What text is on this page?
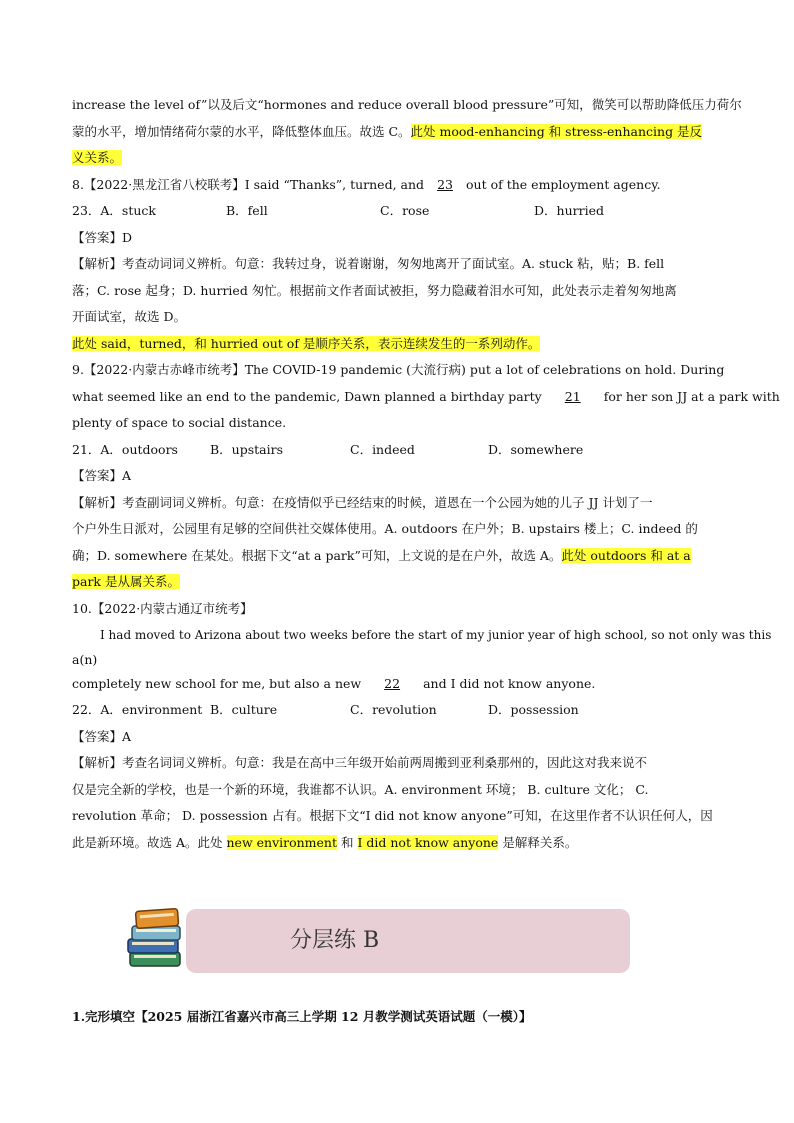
increase the level of”以及后文“hormones and reduce overall blood pressure”可知，微笑可以帮助降低压力荷尔

蒙的水平，增加情绪荷尔蒙的水平，降低整体血压。故选 C。此处 mood-enhancing 和 stress-enhancing 是反

义关系。

8.【2022·黑龙江省八校联考】I said “Thanks”, turned, and 23 out of the employment agency.

23．A．stuck	B．fell	C．rose	D．hurried

【答案】D

【解析】考查动词词义辨析。句意：我转过身，说着谢谢，匆匆地离开了面试室。A. stuck 粘，贴；B. fell

落；C. rose 起身；D. hurried 匆忙。根据前文作者面试被拒，努力隐藏着泪水可知，此处表示走着匆匆地离

开面试室，故选 D。

此处 said，turned，和 hurried out of 是顺序关系，表示连续发生的一系列动作。

9.【2022·内蒙古赤峰市统考】The COVID-19 pandemic (大流行病) put a lot of celebrations on hold. During

what seemed like an end to the pandemic, Dawn planned a birthday party 21 for her son JJ at a park with

plenty of space to social distance.

21．A．outdoors	B．upstairs	C．indeed	D．somewhere

【答案】A

【解析】考查副词词义辨析。句意：在疫情似乎已经结束的时候，道恩在一个公园为她的儿子 JJ 计划了一

个户外生日派对，公园里有足够的空间供社交媒体使用。A. outdoors 在户外；B. upstairs 楼上；C. indeed 的

确；D. somewhere 在某处。根据下文“at a park”可知，上文说的是在户外，故选 A。此处 outdoors 和 at a

park 是从属关系。

10.【2022·内蒙古通辽市统考】

I had moved to Arizona about two weeks before the start of my junior year of high school, so not only was this

a(n)

completely new school for me, but also a new 22 and I did not know anyone.

22．A．environment B．culture	C．revolution	D．possession

【答案】A

【解析】考查名词词义辨析。句意：我是在高中三年级开始前两周搬到亚利桑那州的，因此这对我来说不

仅是完全新的学校，也是一个新的环境，我谁都不认识。A. environment 环境； B. culture 文化； C.

revolution 革命； D. possession 占有。根据下文“I did not know anyone”可知，在这里作者不认识任何人，因

此是新环境。故选 A。此处 new environment 和 I did not know anyone 是解释关系。

分层练 B
1.完形填空【2025 届浙江省嘉兴市高三上学期 12 月教学测试英语试题（一模）】
